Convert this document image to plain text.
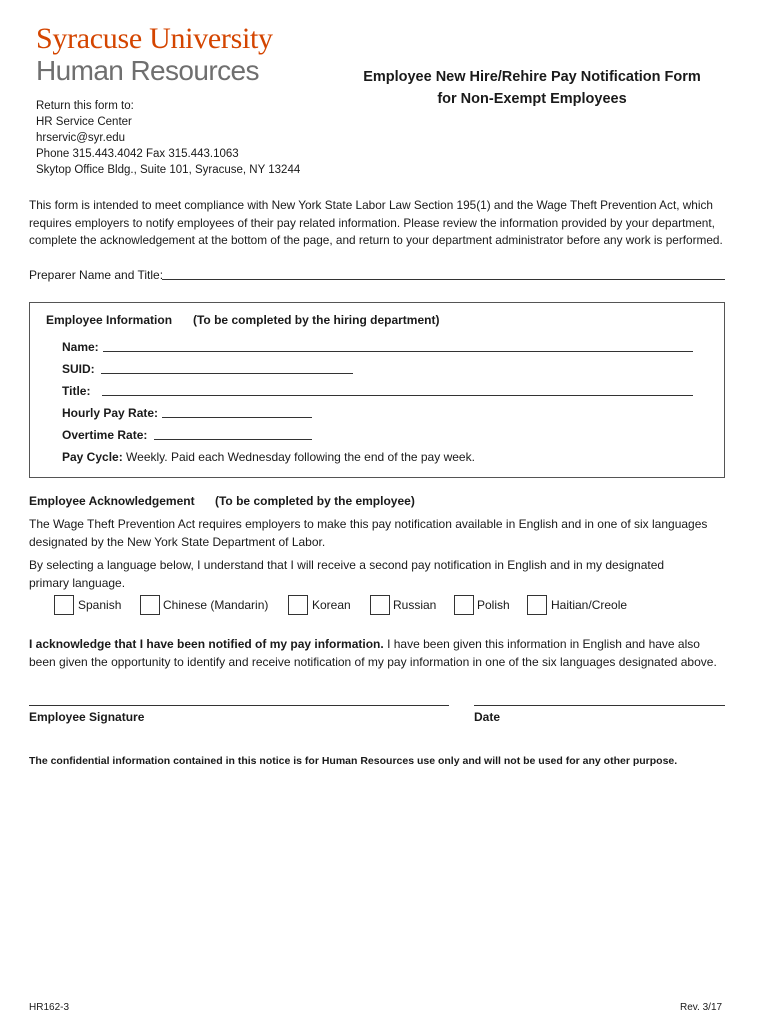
Syracuse University
Human Resources	Employee New Hire/Rehire Pay Notification Form
for Non-Exempt Employees
Return this form to:
HR Service Center
hrservic@syr.edu
Phone 315.443.4042 Fax 315.443.1063
Skytop Office Bldg., Suite 101, Syracuse, NY 13244
This form is intended to meet compliance with New York State Labor Law Section 195(1) and the Wage Theft Prevention Act, which requires employers to notify employees of their pay related information. Please review the information provided by your department, complete the acknowledgement at the bottom of the page, and return to your department administrator before any work is performed.
Preparer Name and Title:
Employee Information (To be completed by the hiring department)
Name:
SUID:
Title:
Hourly Pay Rate:
Overtime Rate:
Pay Cycle: Weekly. Paid each Wednesday following the end of the pay week.
Employee Acknowledgement (To be completed by the employee)
The Wage Theft Prevention Act requires employers to make this pay notification available in English and in one of six languages designated by the New York State Department of Labor.
By selecting a language below, I understand that I will receive a second pay notification in English and in my designated primary language.
Spanish	Chinese (Mandarin)	Korean	Russian	Polish	Haitian/Creole
I acknowledge that I have been notified of my pay information. I have been given this information in English and have also been given the opportunity to identify and receive notification of my pay information in one of the six languages designated above.
Employee Signature	Date
The confidential information contained in this notice is for Human Resources use only and will not be used for any other purpose.
HR162-3	Rev. 3/17
